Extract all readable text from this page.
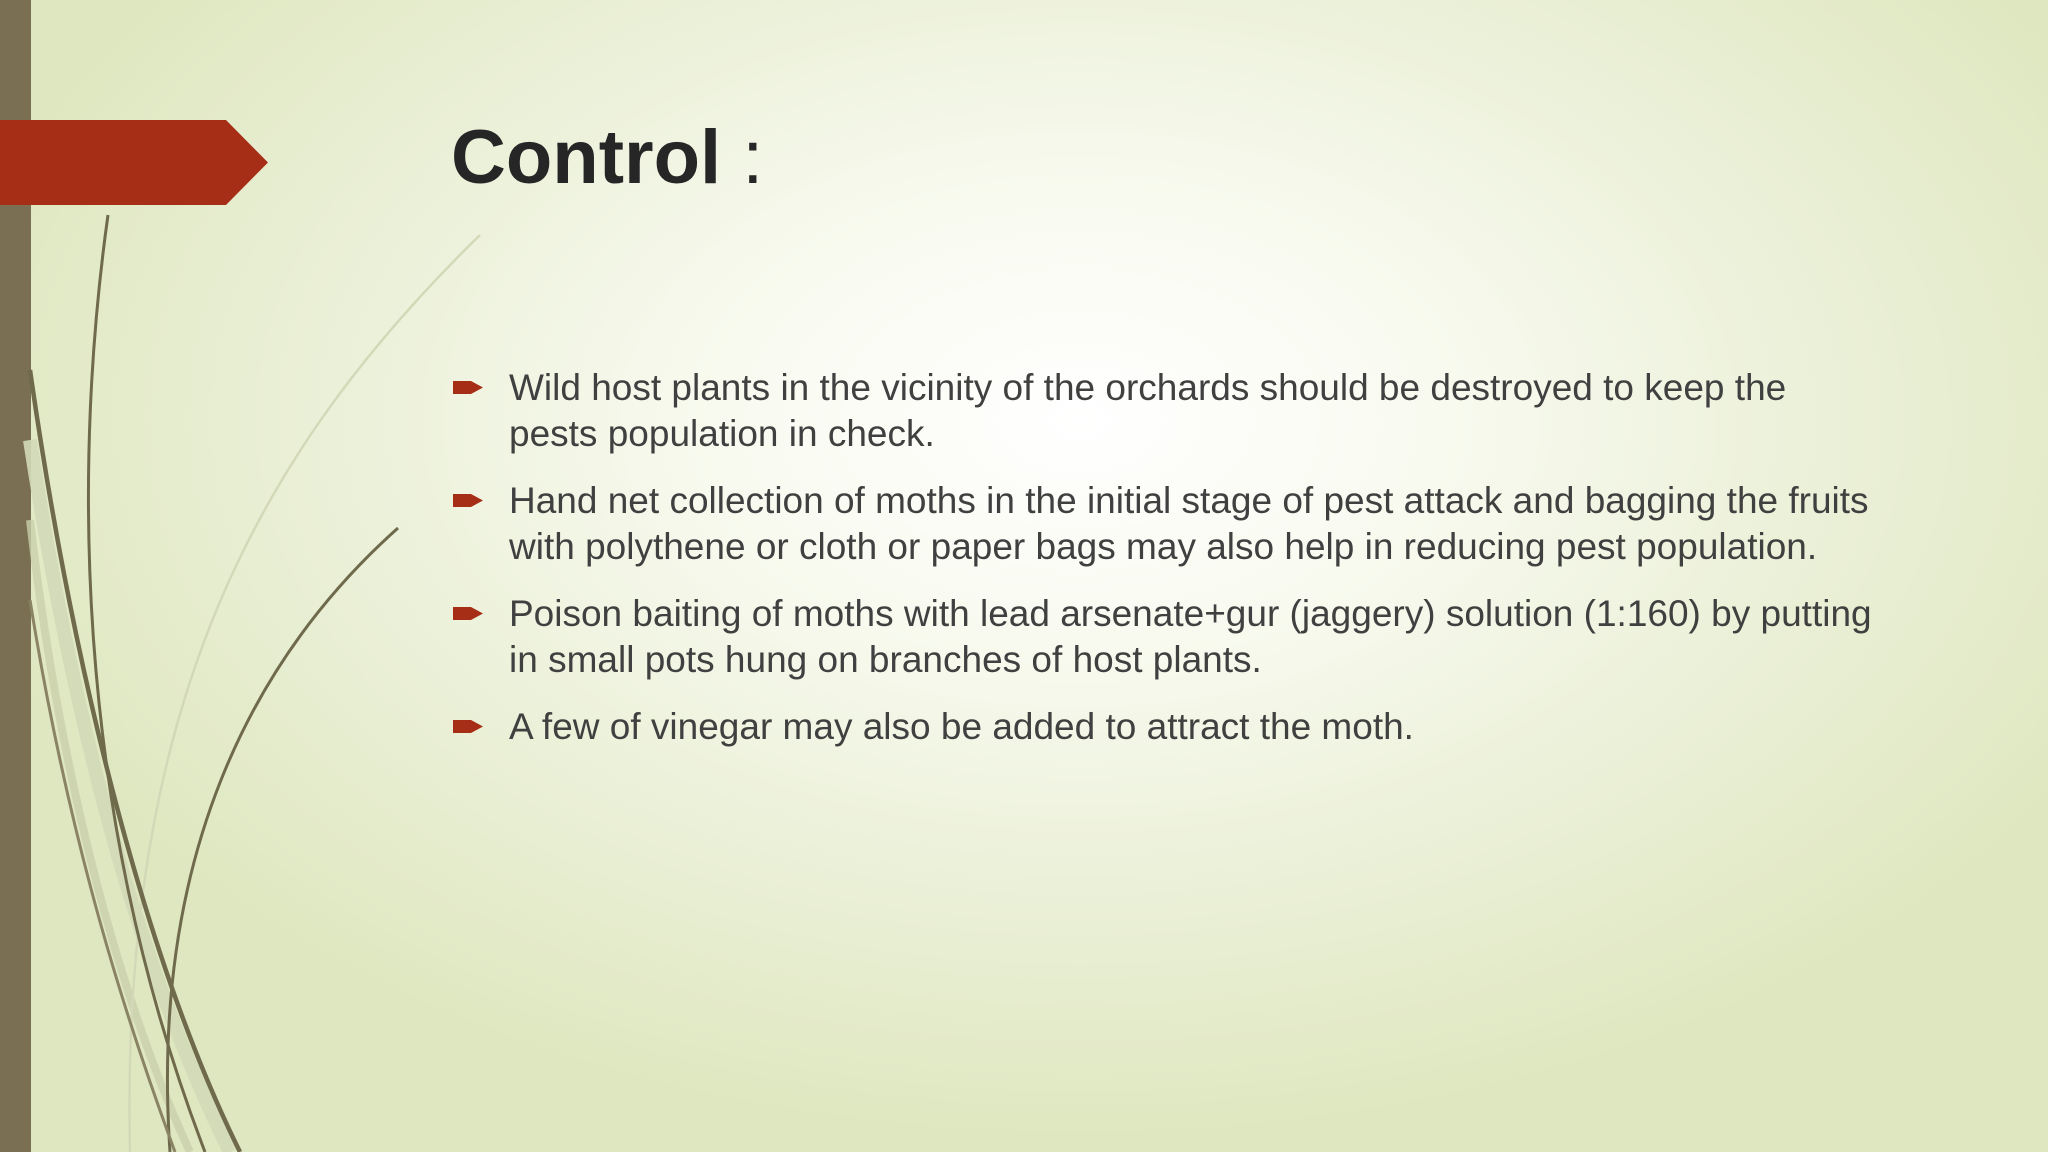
Control :
Wild host plants in the vicinity of the orchards should be destroyed to keep the pests population in check.
Hand net collection of moths in the initial stage of pest attack and bagging the fruits with polythene or cloth or paper bags may also help in reducing pest population.
Poison baiting of moths with lead arsenate+gur (jaggery) solution (1:160) by putting in small pots hung on branches of host plants.
A few of vinegar may also be added to attract the moth.
